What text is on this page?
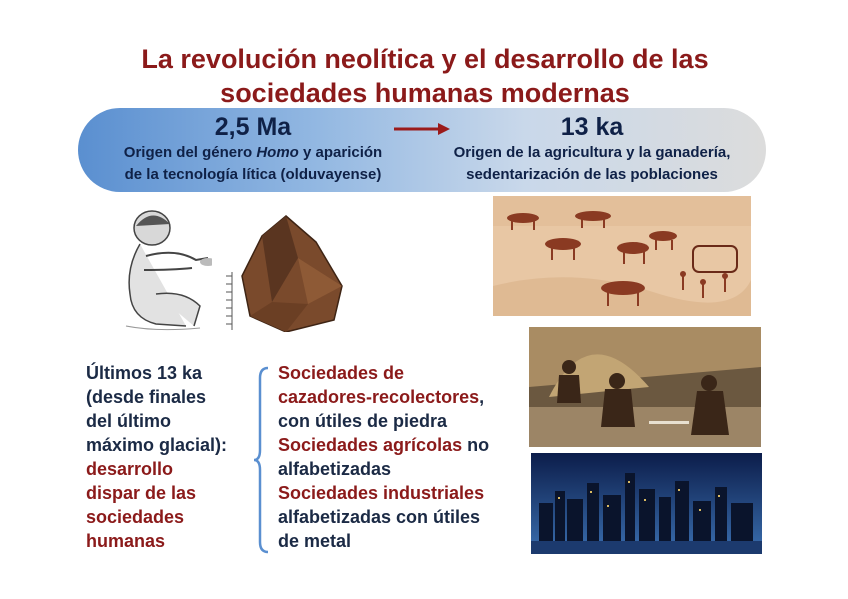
La revolución neolítica y el desarrollo de las
sociedades humanas modernas
2,5 Ma
Origen del género Homo y aparición
de la tecnología lítica (olduvayense)
13 ka
Origen de la agricultura y la ganadería,
sedentarización de las poblaciones
Últimos 13 ka
(desde finales
del último
máximo glacial):
desarrollo
dispar de las
sociedades
humanas
Sociedades de
cazadores-recolectores,
con útiles de piedra
Sociedades agrícolas no
alfabetizadas
Sociedades industriales
alfabetizadas con útiles
de metal
